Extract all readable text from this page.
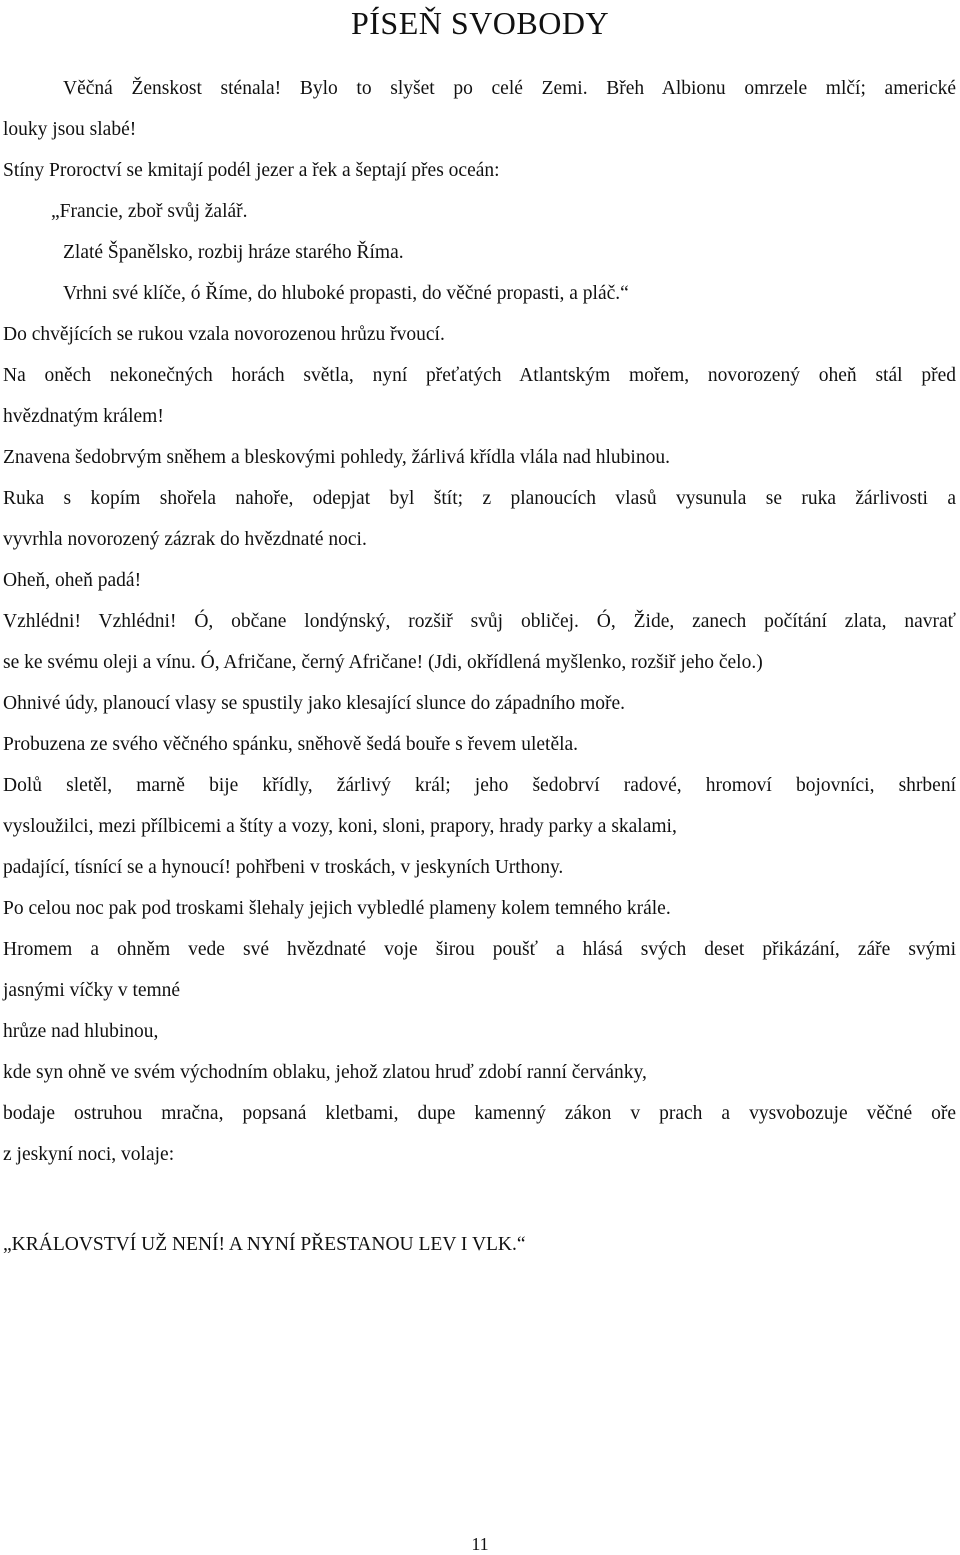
PÍSEŇ SVOBODY
Věčná Ženskost sténala! Bylo to slyšet po celé Zemi. Břeh Albionu omrzele mlčí; americké
louky jsou slabé!
Stíny Proroctví se kmitají podél jezer a řek a šeptají přes oceán:
„Francie, zboř svůj žalář.
Zlaté Španělsko, rozbij hráze starého Říma.
Vrhni své klíče, ó Říme, do hluboké propasti, do věčné propasti, a pláč.“
Do chvějících se rukou vzala novorozenou hrůzu řvoucí.
Na oněch nekonečných horách světla, nyní přeťatých Atlantským mořem, novorozený oheň stál před
hvězdnatým králem!
Znavena šedobrvým sněhem a bleskovými pohledy, žárlivá křídla vlála nad hlubinou.
Ruka s kopím shořela nahoře, odepjat byl štít; z planoucích vlasů vysunula se ruka žárlivosti a
vyvrhla novorozený zázrak do hvězdnaté noci.
Oheň, oheň padá!
Vzhlédni! Vzhlédni! Ó, občane londýnský, rozšiř svůj obličej. Ó, Žide, zanech počítání zlata, navrať
se ke svému oleji a vínu. Ó, Afričane, černý Afričane! (Jdi, okřídlená myšlenko, rozšiř jeho čelo.)
Ohnivé údy, planoucí vlasy se spustily jako klesající slunce do západního moře.
Probuzena ze svého věčného spánku, sněhově šedá bouře s řevem uletěla.
Dolů sletěl, marně bije křídly, žárlivý král; jeho šedobrví radové, hromoví bojovníci, shrbení
vysloužilci, mezi přílbicemi a štíty a vozy, koni, sloni, prapory, hrady parky a skalami,
padající, tísnící se a hynoucí! pohřbeni v troskách, v jeskyních Urthony.
Po celou noc pak pod troskami šlehaly jejich vybledlé plameny kolem temného krále.
Hromem a ohněm vede své hvězdnaté voje širou poušť a hlásá svých deset přikázání, záře svými
jasnými víčky v temné
hrůze nad hlubinou,
kde syn ohně ve svém východním oblaku, jehož zlatou hruď zdobí ranní červánky,
bodaje ostruhou mračna, popsaná kletbami, dupe kamenný zákon v prach a vysvobozuje věčné oře
z jeskyní noci, volaje:
„KRÁLOVSTVÍ UŽ NENÍ! A NYNÍ PŘESTANOU LEV I VLK.“
11
